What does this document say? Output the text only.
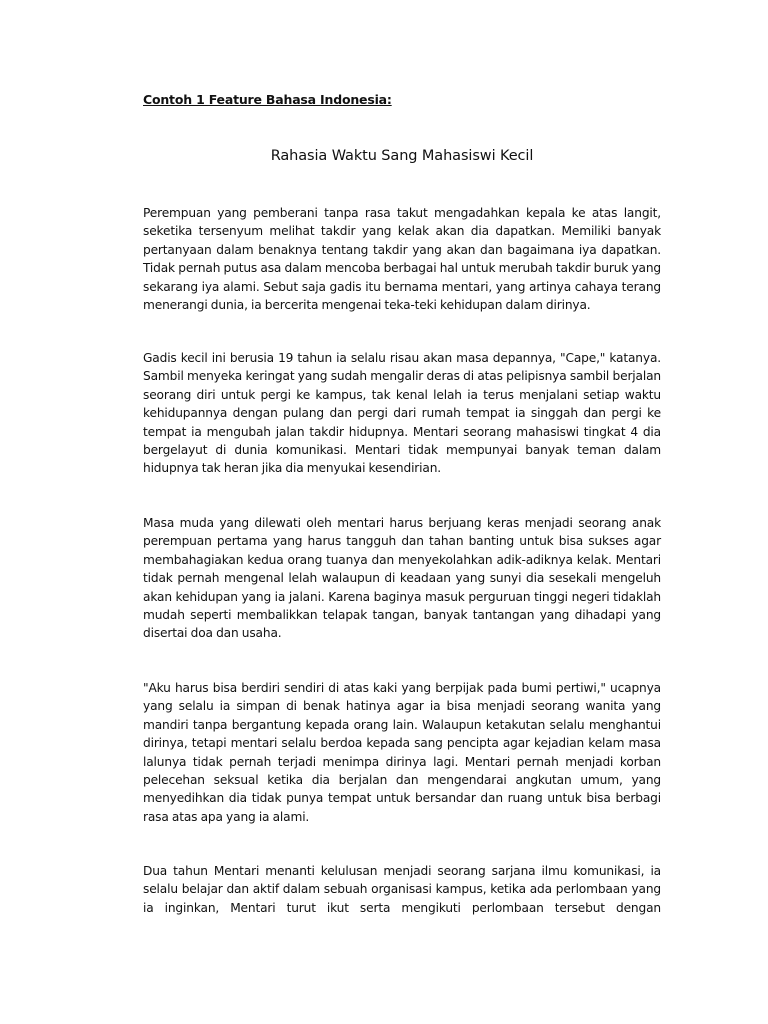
Contoh 1 Feature Bahasa Indonesia:
Rahasia Waktu Sang Mahasiswi Kecil
Perempuan yang pemberani tanpa rasa takut mengadahkan kepala ke atas langit, seketika tersenyum melihat takdir yang kelak akan dia dapatkan. Memiliki banyak pertanyaan dalam benaknya tentang takdir yang akan dan bagaimana iya dapatkan. Tidak pernah putus asa dalam mencoba berbagai hal untuk merubah takdir buruk yang sekarang iya alami. Sebut saja gadis itu bernama mentari, yang artinya cahaya terang menerangi dunia, ia bercerita mengenai teka-teki kehidupan dalam dirinya.
Gadis kecil ini berusia 19 tahun ia selalu risau akan masa depannya, "Cape," katanya. Sambil menyeka keringat yang sudah mengalir deras di atas pelipisnya sambil berjalan seorang diri untuk pergi ke kampus, tak kenal lelah ia terus menjalani setiap waktu kehidupannya dengan pulang dan pergi dari rumah tempat ia singgah dan pergi ke tempat ia mengubah jalan takdir hidupnya. Mentari seorang mahasiswi tingkat 4 dia bergelayut di dunia komunikasi. Mentari tidak mempunyai banyak teman dalam hidupnya tak heran jika dia menyukai kesendirian.
Masa muda yang dilewati oleh mentari harus berjuang keras menjadi seorang anak perempuan pertama yang harus tangguh dan tahan banting untuk bisa sukses agar membahagiakan kedua orang tuanya dan menyekolahkan adik-adiknya kelak. Mentari tidak pernah mengenal lelah walaupun di keadaan yang sunyi dia sesekali mengeluh akan kehidupan yang ia jalani. Karena baginya masuk perguruan tinggi negeri tidaklah mudah seperti membalikkan telapak tangan, banyak tantangan yang dihadapi yang disertai doa dan usaha.
"Aku harus bisa berdiri sendiri di atas kaki yang berpijak pada bumi pertiwi," ucapnya yang selalu ia simpan di benak hatinya agar ia bisa menjadi seorang wanita yang mandiri tanpa bergantung kepada orang lain. Walaupun ketakutan selalu menghantui dirinya, tetapi mentari selalu berdoa kepada sang pencipta agar kejadian kelam masa lalunya tidak pernah terjadi menimpa dirinya lagi. Mentari pernah menjadi korban pelecehan seksual ketika dia berjalan dan mengendarai angkutan umum, yang menyedihkan dia tidak punya tempat untuk bersandar dan ruang untuk bisa berbagi rasa atas apa yang ia alami.
Dua tahun Mentari menanti kelulusan menjadi seorang sarjana ilmu komunikasi, ia selalu belajar dan aktif dalam sebuah organisasi kampus, ketika ada perlombaan yang ia inginkan, Mentari turut ikut serta mengikuti perlombaan tersebut dengan
